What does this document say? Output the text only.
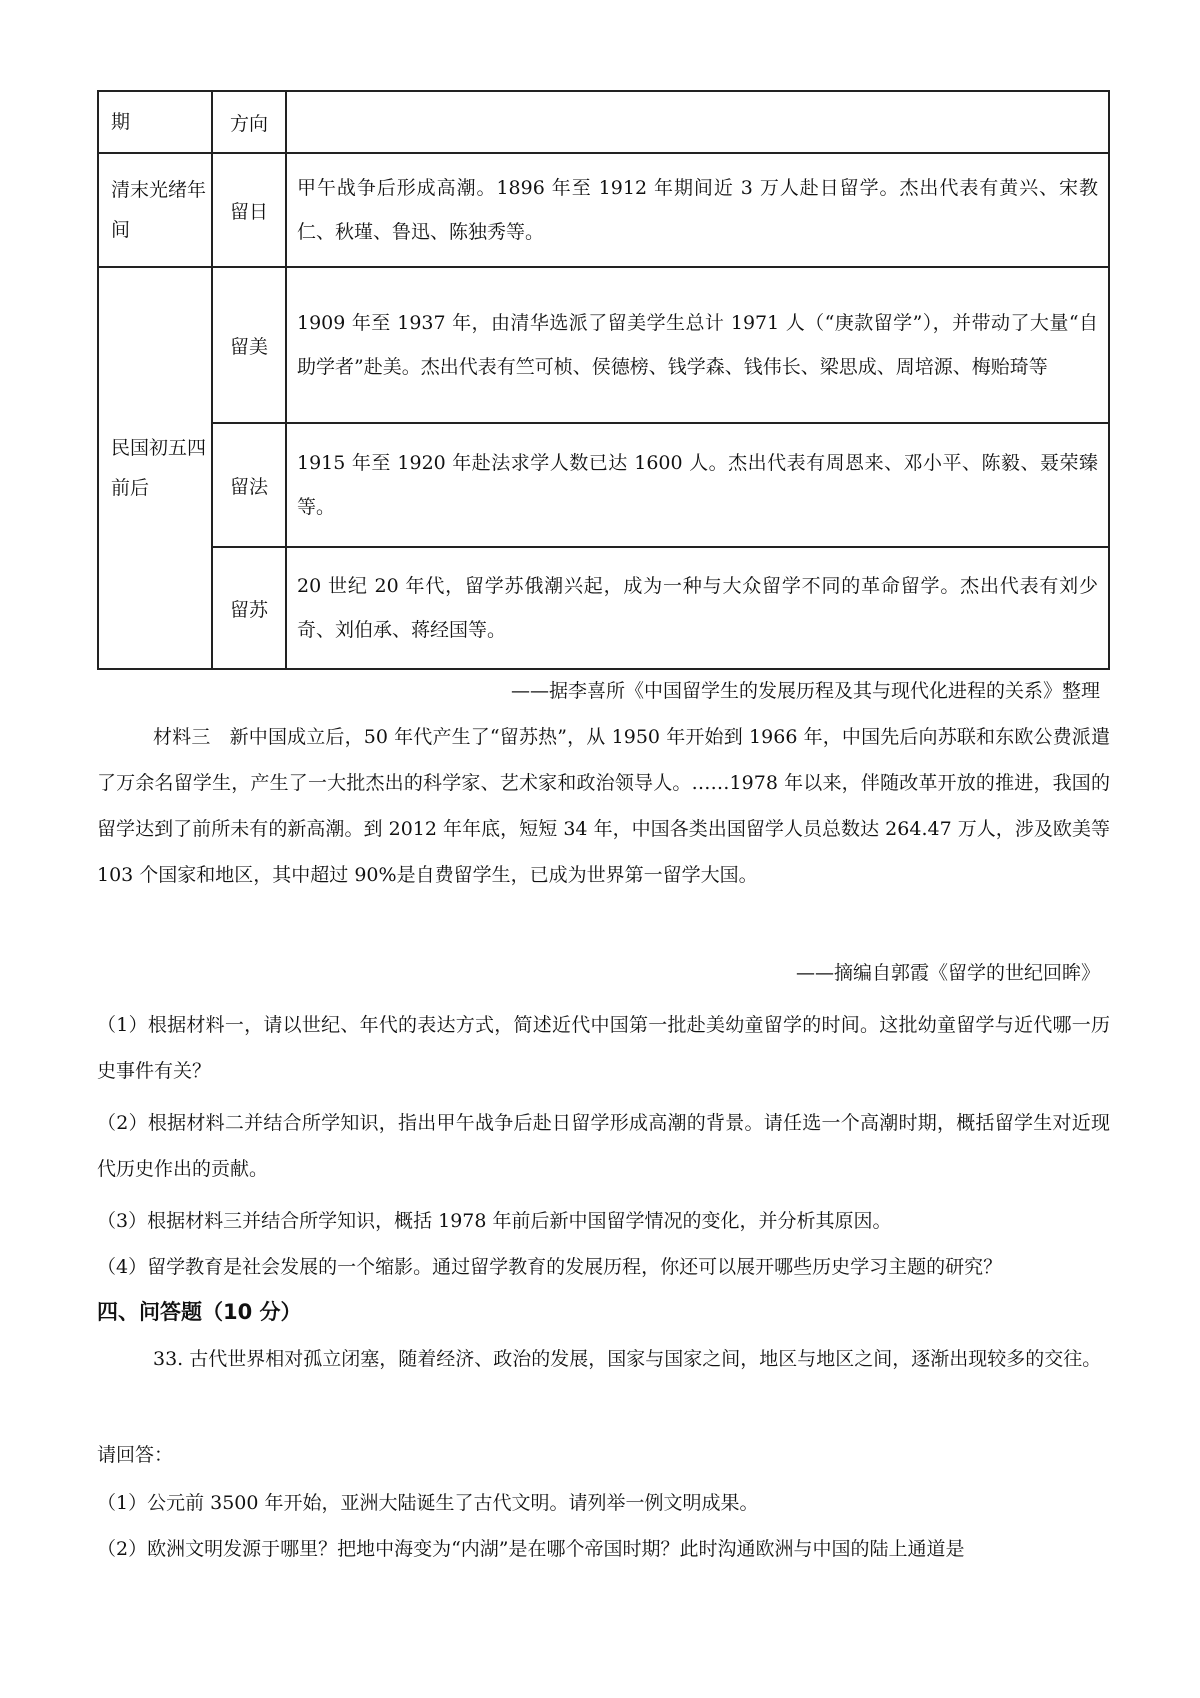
期	方向	
清末光绪年间	留日	甲午战争后形成高潮。1896 年至 1912 年期间近 3 万人赴日留学。杰出代表有黄兴、宋教仁、秋瑾、鲁迅、陈独秀等。
民国初五四前后	留美	1909 年至 1937 年，由清华选派了留美学生总计 1971 人（“庚款留学”），并带动了大量“自助学者”赴美。杰出代表有竺可桢、侯德榜、钱学森、钱伟长、梁思成、周培源、梅贻琦等
	留法	1915 年至 1920 年赴法求学人数已达 1600 人。杰出代表有周恩来、邓小平、陈毅、聂荣臻等。
	留苏	20 世纪 20 年代，留学苏俄潮兴起，成为一种与大众留学不同的革命留学。杰出代表有刘少奇、刘伯承、蒋经国等。

——据李喜所《中国留学生的发展历程及其与现代化进程的关系》整理

材料三　新中国成立后，50 年代产生了“留苏热”，从 1950 年开始到 1966 年，中国先后向苏联和东欧公费派遣了万余名留学生，产生了一大批杰出的科学家、艺术家和政治领导人。……1978 年以来，伴随改革开放的推进，我国的留学达到了前所未有的新高潮。到 2012 年年底，短短 34 年，中国各类出国留学人员总数达 264.47 万人，涉及欧美等 103 个国家和地区，其中超过 90%是自费留学生，已成为世界第一留学大国。

——摘编自郭霞《留学的世纪回眸》

（1）根据材料一，请以世纪、年代的表达方式，简述近代中国第一批赴美幼童留学的时间。这批幼童留学与近代哪一历史事件有关？

（2）根据材料二并结合所学知识，指出甲午战争后赴日留学形成高潮的背景。请任选一个高潮时期，概括留学生对近现代历史作出的贡献。

（3）根据材料三并结合所学知识，概括 1978 年前后新中国留学情况的变化，并分析其原因。

（4）留学教育是社会发展的一个缩影。通过留学教育的发展历程，你还可以展开哪些历史学习主题的研究？

四、问答题（10 分）

33. 古代世界相对孤立闭塞，随着经济、政治的发展，国家与国家之间，地区与地区之间，逐渐出现较多的交往。

请回答：

（1）公元前 3500 年开始，亚洲大陆诞生了古代文明。请列举一例文明成果。

（2）欧洲文明发源于哪里？把地中海变为“内湖”是在哪个帝国时期？此时沟通欧洲与中国的陆上通道是
